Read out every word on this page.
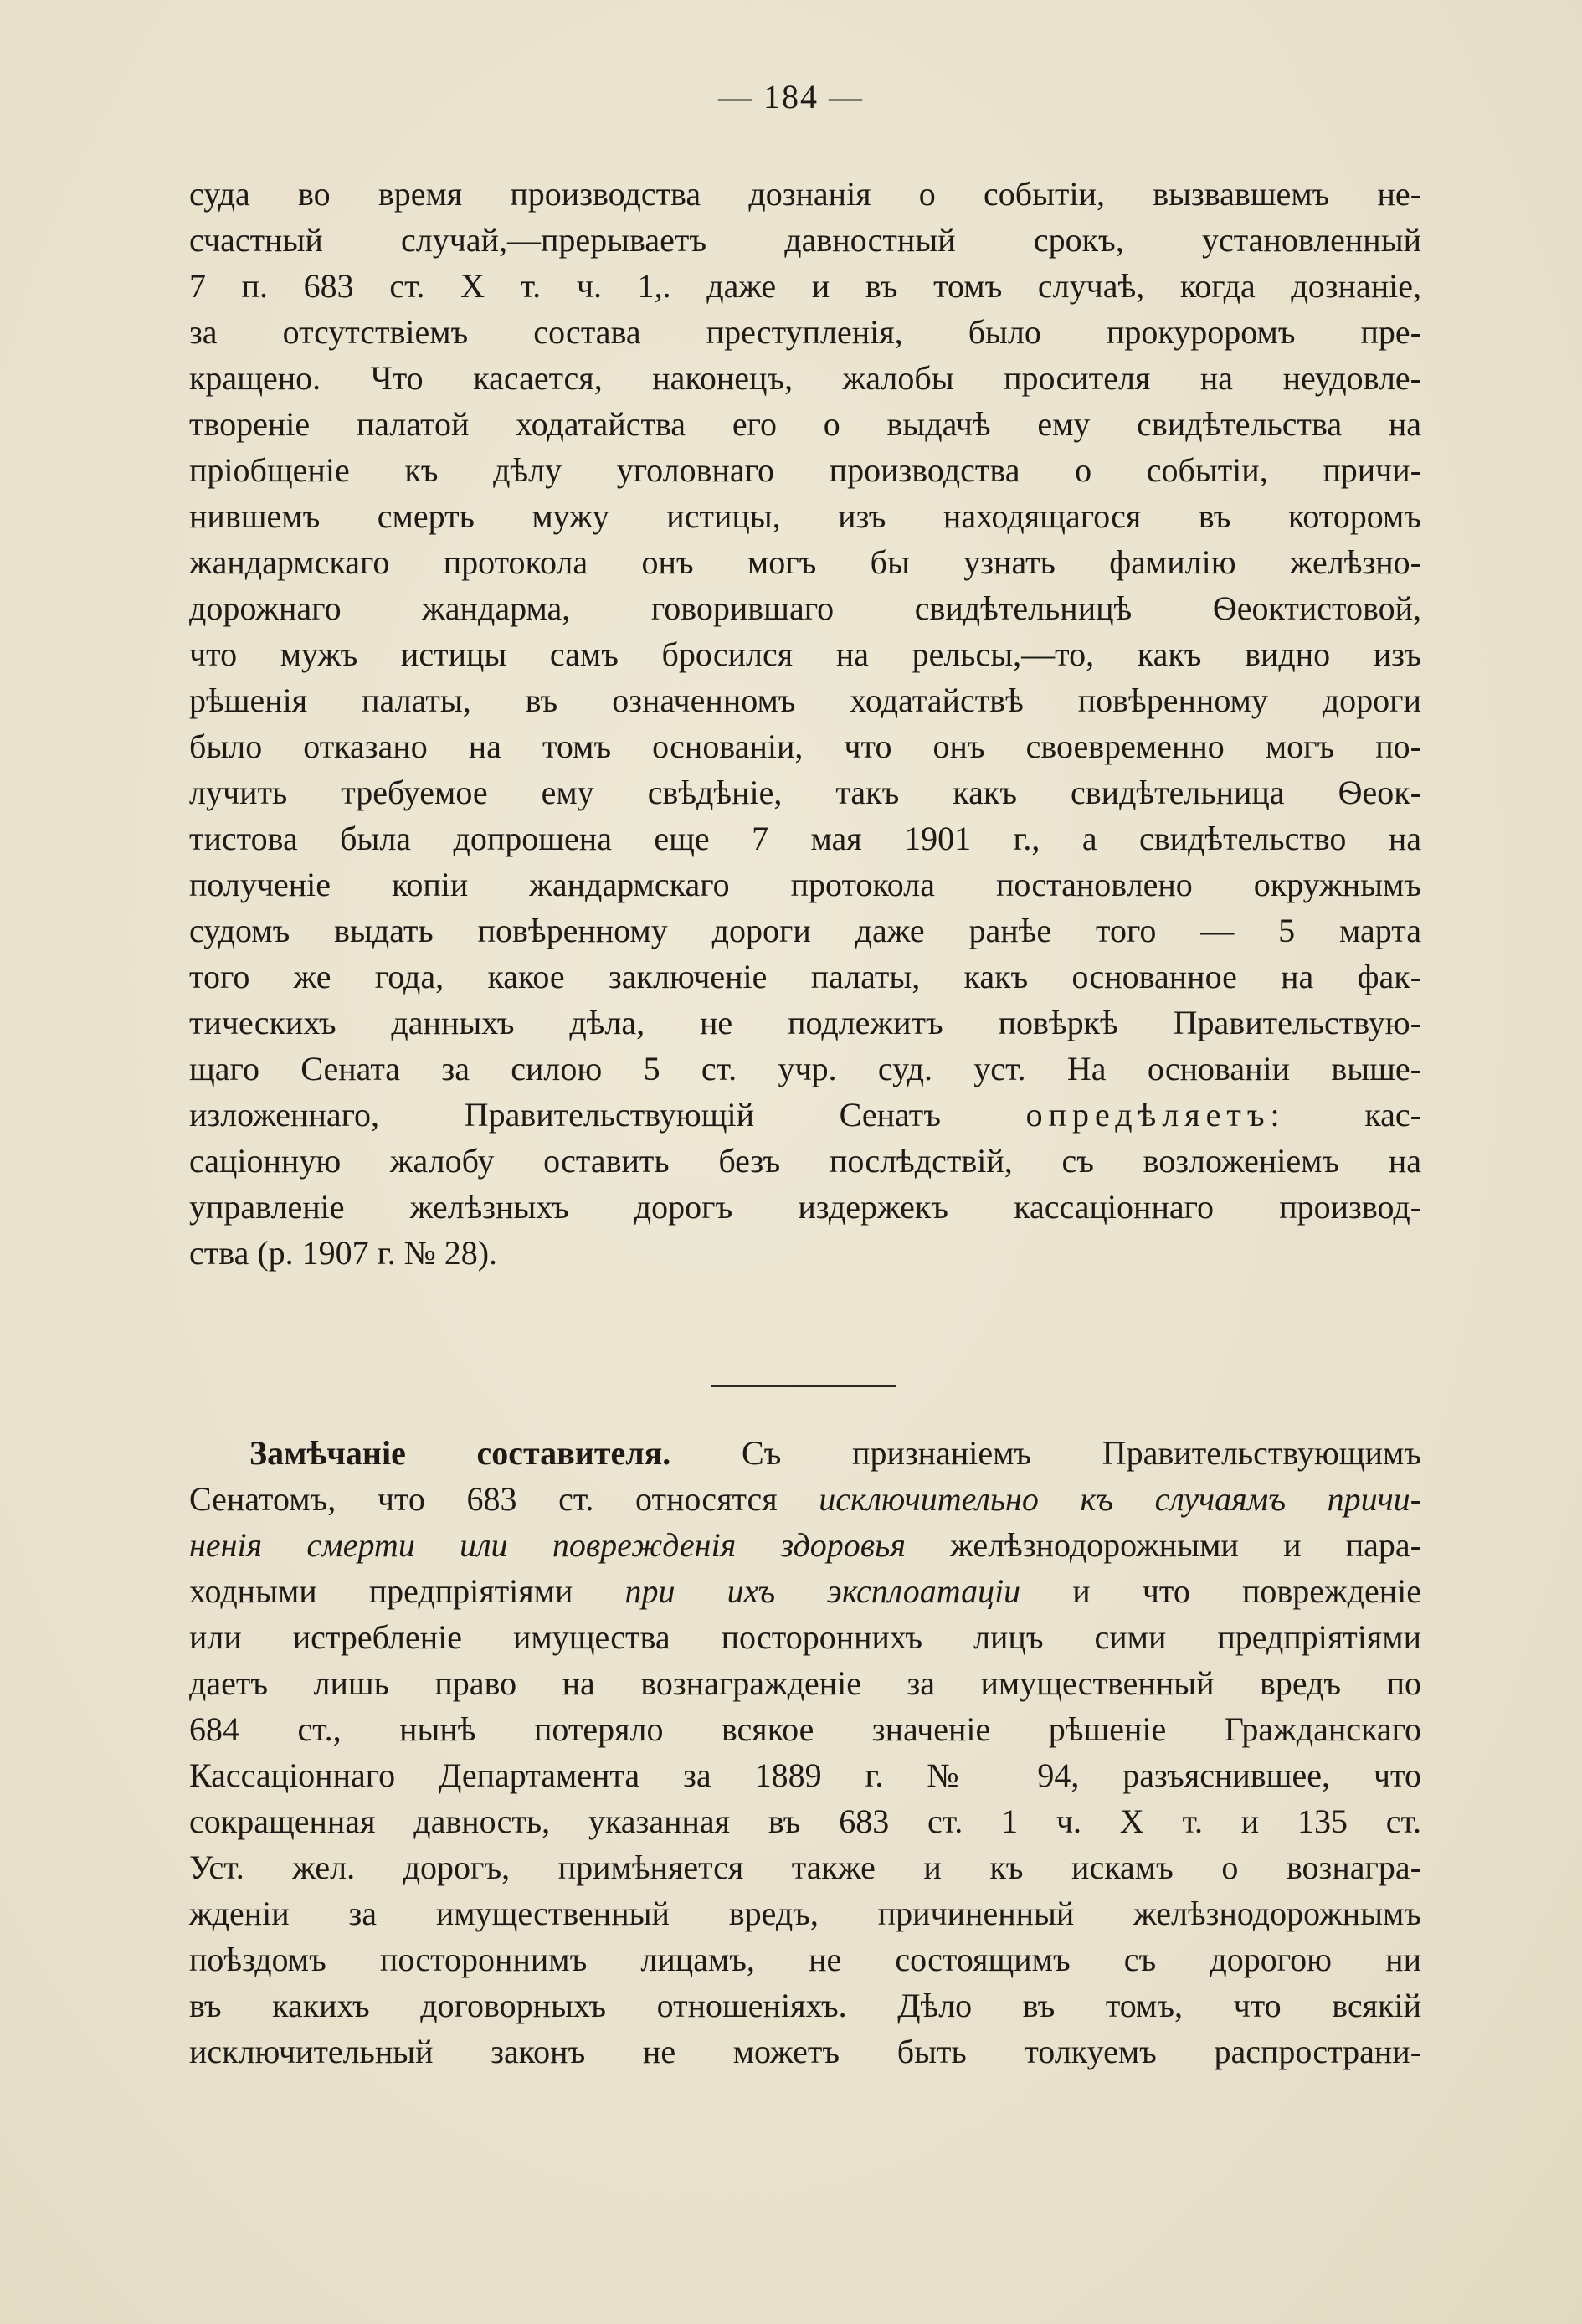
— 184 —
суда во время производства дознанія о событіи, вызвавшемъ не-
счастный случай,—прерываетъ давностный срокъ, установленный
7 п. 683 ст. X т. ч. 1,. даже и въ томъ случаѣ, когда дознаніе,
за отсутствіемъ состава преступленія, было прокуроромъ пре-
кращено. Что касается, наконецъ, жалобы просителя на неудовле-
твореніе палатой ходатайства его о выдачѣ ему свидѣтельства на
пріобщеніе къ дѣлу уголовнаго производства о событіи, причи-
нившемъ смерть мужу истицы, изъ находящагося въ которомъ
жандармскаго протокола онъ могъ бы узнать фамилію желѣзно-
дорожнаго жандарма, говорившаго свидѣтельницѣ Ѳеоктистовой,
что мужъ истицы самъ бросился на рельсы,—то, какъ видно изъ
рѣшенія палаты, въ означенномъ ходатайствѣ повѣренному дороги
было отказано на томъ основаніи, что онъ своевременно могъ по-
лучить требуемое ему свѣдѣніе, такъ какъ свидѣтельница Ѳеок-
тистова была допрошена еще 7 мая 1901 г., а свидѣтельство на
полученіе копіи жандармскаго протокола постановлено окружнымъ
судомъ выдать повѣренному дороги даже ранѣе того — 5 марта
того же года, какое заключеніе палаты, какъ основанное на фак-
тическихъ данныхъ дѣла, не подлежитъ повѣркѣ Правительствую-
щаго Сената за силою 5 ст. учр. суд. уст. На основаніи выше-
изложеннаго, Правительствующій Сенатъ опредѣляетъ: кас-
саціонную жалобу оставить безъ послѣдствій, съ возложеніемъ на
управленіе желѣзныхъ дорогъ издержекъ кассаціоннаго производ-
ства (р. 1907 г. № 28).
Замѣчаніе составителя. Съ признаніемъ Правительствующимъ
Сенатомъ, что 683 ст. относятся исключительно къ случаямъ причи-
ненія смерти или поврежденія здоровья желѣзнодорожными и пара-
ходными предпріятіями при ихъ эксплоатаціи и что поврежденіе
или истребленіе имущества постороннихъ лицъ сими предпріятіями
даетъ лишь право на вознагражденіе за имущественный вредъ по
684 ст., нынѣ потеряло всякое значеніе рѣшеніе Гражданскаго
Кассаціоннаго Департамента за 1889 г. № 94, разъяснившее, что
сокращенная давность, указанная въ 683 ст. 1 ч. X т. и 135 ст.
Уст. жел. дорогъ, примѣняется также и къ искамъ о вознагра-
жденіи за имущественный вредъ, причиненный желѣзнодорожнымъ
поѣздомъ постороннимъ лицамъ, не состоящимъ съ дорогою ни
въ какихъ договорныхъ отношеніяхъ. Дѣло въ томъ, что всякій
исключительный законъ не можетъ быть толкуемъ распространи-
